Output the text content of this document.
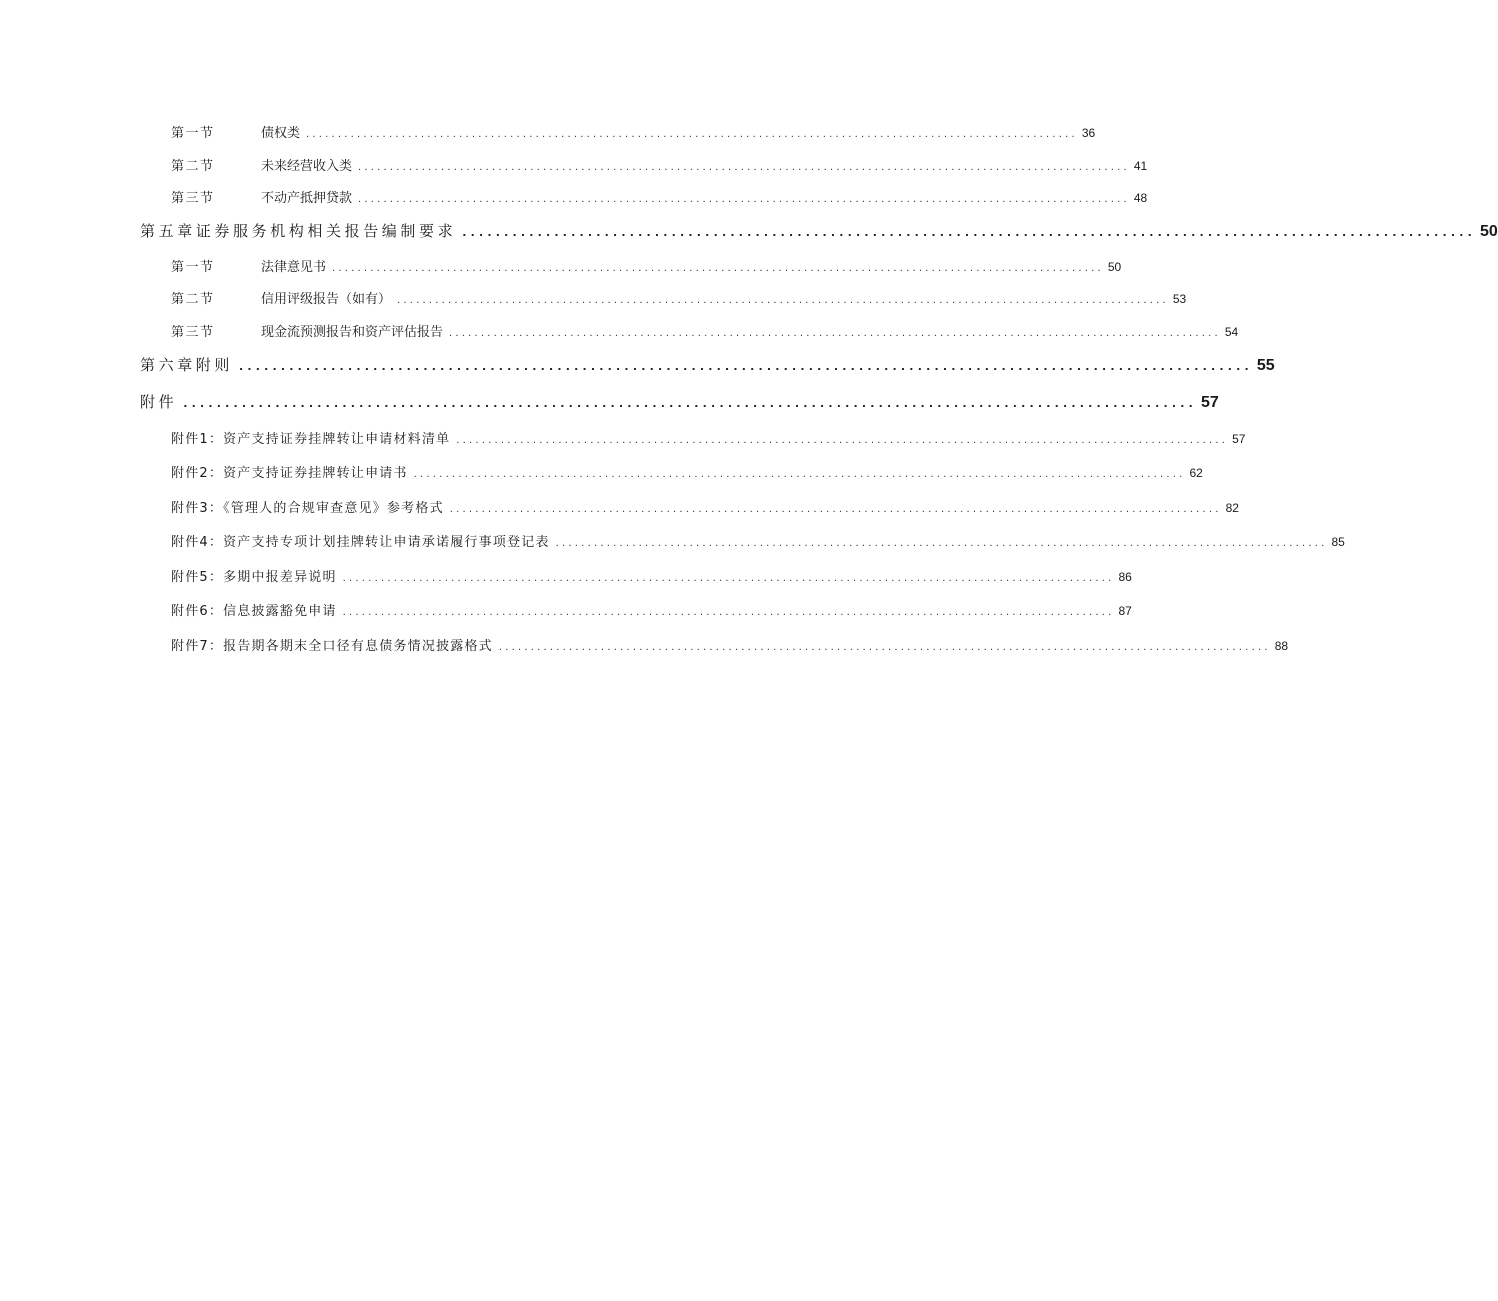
第一节	债权类 ......................................................................................................................... 36
第二节	未来经营收入类 ......................................................................................................................... 41
第三节	不动产抵押贷款 ......................................................................................................................... 48
第五章证券服务机构相关报告编制要求 ......................................................................................................................... 50
第一节	法律意见书 ......................................................................................................................... 50
第二节	信用评级报告（如有） ......................................................................................................................... 53
第三节	现金流预测报告和资产评估报告 ......................................................................................................................... 54
第六章附则 ......................................................................................................................... 55
附件 ......................................................................................................................... 57
附件1：资产支持证券挂牌转让申请材料清单 ......................................................................................................................... 57
附件2：资产支持证券挂牌转让申请书 ......................................................................................................................... 62
附件3：《管理人的合规审查意见》参考格式 ......................................................................................................................... 82
附件4：资产支持专项计划挂牌转让申请承诺履行事项登记表 ......................................................................................................................... 85
附件5：多期中报差异说明 ......................................................................................................................... 86
附件6：信息披露豁免申请 ......................................................................................................................... 87
附件7：报告期各期末全口径有息债务情况披露格式 ......................................................................................................................... 88
